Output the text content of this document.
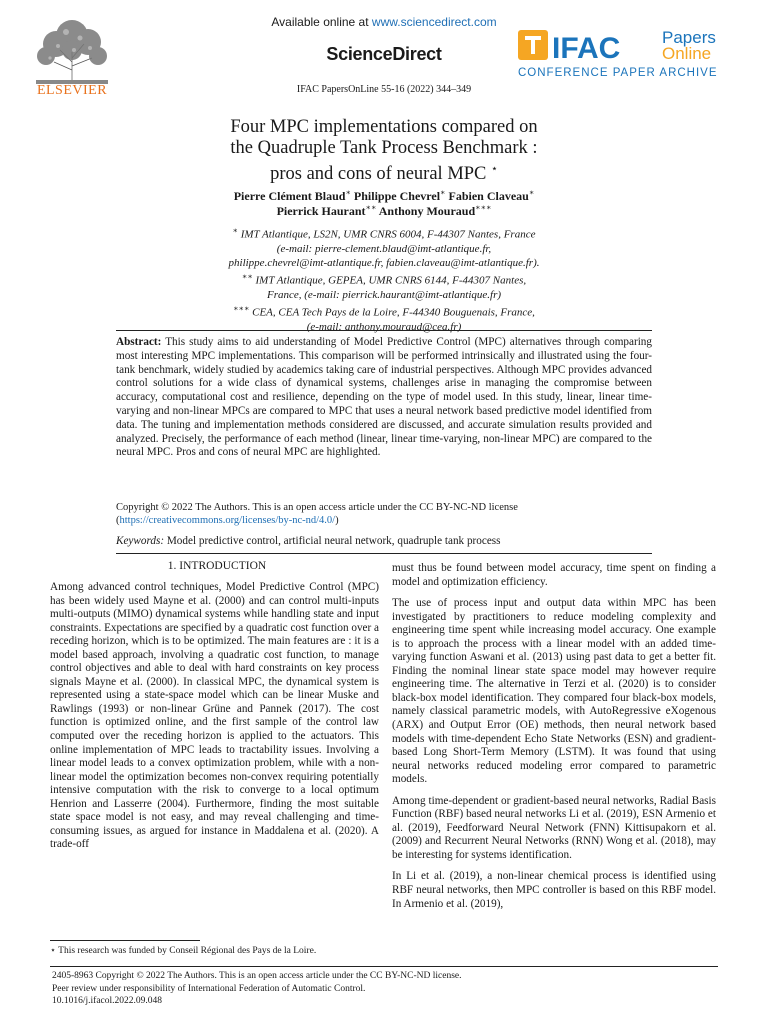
ELSEVIER
Available online at www.sciencedirect.com
ScienceDirect
IFAC PapersOnLine 55-16 (2022) 344–349
IFAC Papers
Online
CONFERENCE PAPER ARCHIVE
Four MPC implementations compared on
the Quadruple Tank Process Benchmark :
pros and cons of neural MPC ⋆
Pierre Clément Blaud∗ Philippe Chevrel∗ Fabien Claveau∗
Pierrick Haurant∗∗ Anthony Mouraud∗∗∗
∗ IMT Atlantique, LS2N, UMR CNRS 6004, F-44307 Nantes, France
(e-mail: pierre-clement.blaud@imt-atlantique.fr,
philippe.chevrel@imt-atlantique.fr, fabien.claveau@imt-atlantique.fr).
∗∗ IMT Atlantique, GEPEA, UMR CNRS 6144, F-44307 Nantes,
France, (e-mail: pierrick.haurant@imt-atlantique.fr)
∗∗∗ CEA, CEA Tech Pays de la Loire, F-44340 Bouguenais, France,
(e-mail: anthony.mouraud@cea.fr)
Abstract: This study aims to aid understanding of Model Predictive Control (MPC) alternatives through comparing most interesting MPC implementations. This comparison will be performed intrinsically and illustrated using the four-tank benchmark, widely studied by academics taking care of industrial perspectives. Although MPC provides advanced control solutions for a wide class of dynamical systems, challenges arise in managing the compromise between accuracy, computational cost and resilience, depending on the type of model used. In this study, linear, linear time-varying and non-linear MPCs are compared to MPC that uses a neural network based predictive model identified from data. The tuning and implementation methods considered are discussed, and accurate simulation results provided and analyzed. Precisely, the performance of each method (linear, linear time-varying, non-linear MPC) are compared to the neural MPC. Pros and cons of neural MPC are highlighted.
Copyright © 2022 The Authors. This is an open access article under the CC BY-NC-ND license
(https://creativecommons.org/licenses/by-nc-nd/4.0/)
Keywords: Model predictive control, artificial neural network, quadruple tank process
1. INTRODUCTION

Among advanced control techniques, Model Predictive Control (MPC) has been widely used Mayne et al. (2000) and can control multi-inputs multi-outputs (MIMO) dynamical systems while handling state and input constraints. Expectations are specified by a quadratic cost function over a receding horizon, which is to be optimized. The main features are : it is a model based approach, involving a quadratic cost function, to manage control objectives and able to deal with hard constraints on key process signals Mayne et al. (2000). In classical MPC, the dynamical system is represented using a state-space model which can be linear Muske and Rawlings (1993) or non-linear Grüne and Pannek (2017). The cost function is optimized online, and the first sample of the control law computed over the receding horizon is applied to the actuators. This online implementation of MPC leads to tractability issues. Involving a linear model leads to a convex optimization problem, while with a non-linear model the optimization becomes non-convex requiring potentially intensive computation with the risk to converge to a local optimum Henrion and Lasserre (2004). Furthermore, finding the most suitable state space model is not easy, and may reveal challenging and time-consuming issues, as argued for instance in Maddalena et al. (2020). A trade-off

must thus be found between model accuracy, time spent on finding a model and optimization efficiency.

The use of process input and output data within MPC has been investigated by practitioners to reduce modeling complexity and engineering time spent while increasing model accuracy. One example is to approach the process with a linear model with an added time-varying function Aswani et al. (2013) using past data to get a better fit. Finding the nominal linear state space model may however require engineering time. The alternative in Terzi et al. (2020) is to consider black-box model identification. They compared four black-box models, namely classical parametric models, with AutoRegressive eXogenous (ARX) and Output Error (OE) methods, then neural network based models with time-dependent Echo State Networks (ESN) and gradient-based Long Short-Term Memory (LSTM). It was found that using neural networks reduced modeling error compared to parametric models.

Among time-dependent or gradient-based neural networks, Radial Basis Function (RBF) based neural networks Li et al. (2019), ESN Armenio et al. (2019), Feedforward Neural Network (FNN) Kittisupakorn et al. (2009) and Recurrent Neural Networks (RNN) Wong et al. (2018), may be interesting for systems identification.

In Li et al. (2019), a non-linear chemical process is identified using RBF neural networks, then MPC controller is based on this RBF model. In Armenio et al. (2019),

⋆ This research was funded by Conseil Régional des Pays de la Loire.
2405-8963 Copyright © 2022 The Authors. This is an open access article under the CC BY-NC-ND license.
Peer review under responsibility of International Federation of Automatic Control.
10.1016/j.ifacol.2022.09.048
